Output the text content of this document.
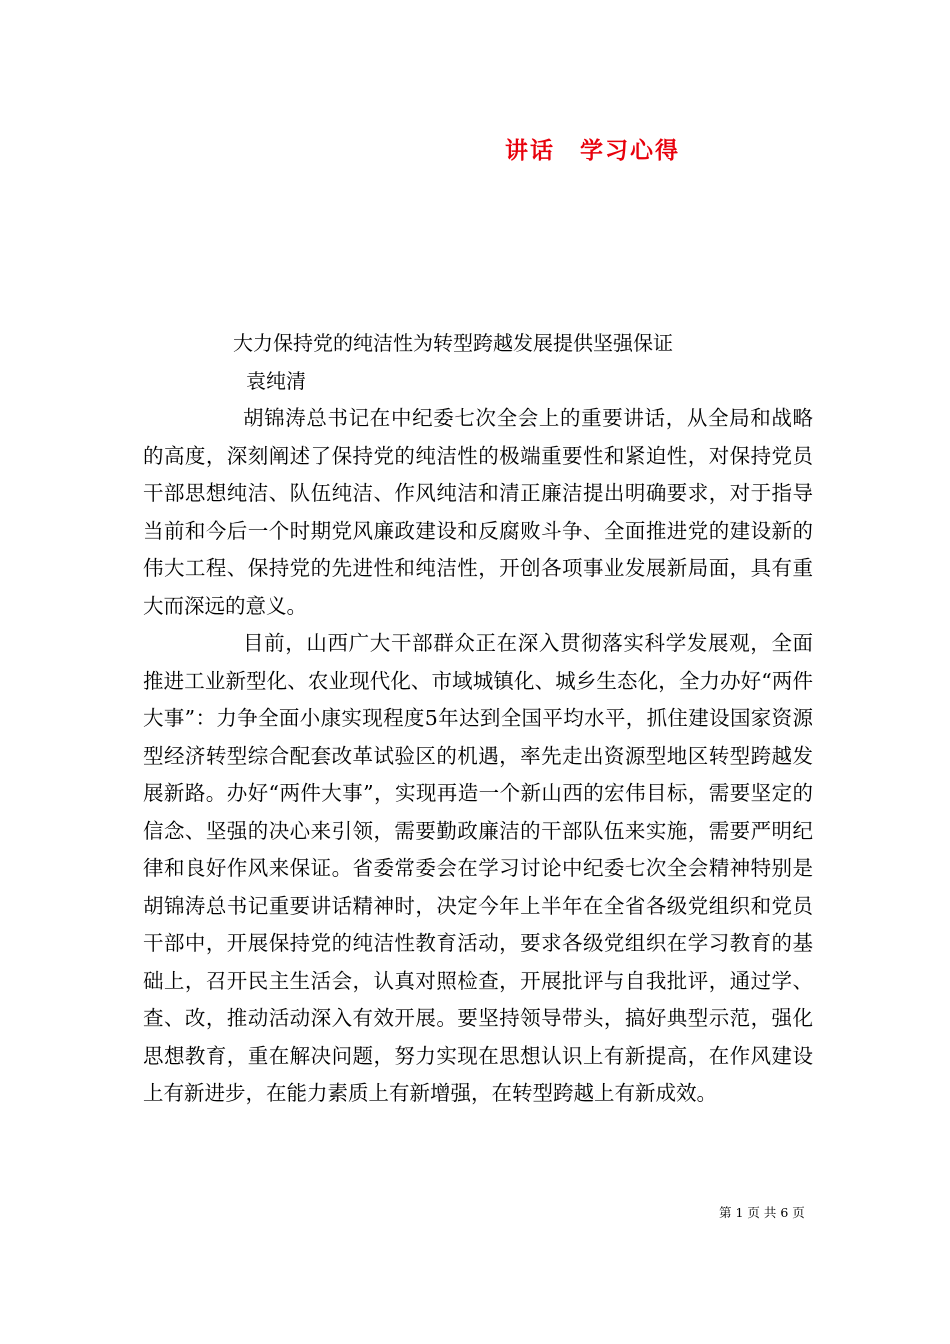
讲话　学习心得
大力保持党的纯洁性为转型跨越发展提供坚强保证
袁纯清

胡锦涛总书记在中纪委七次全会上的重要讲话，从全局和战略的高度，深刻阐述了保持党的纯洁性的极端重要性和紧迫性，对保持党员干部思想纯洁、队伍纯洁、作风纯洁和清正廉洁提出明确要求，对于指导当前和今后一个时期党风廉政建设和反腐败斗争、全面推进党的建设新的伟大工程、保持党的先进性和纯洁性，开创各项事业发展新局面，具有重大而深远的意义。

目前，山西广大干部群众正在深入贯彻落实科学发展观，全面推进工业新型化、农业现代化、市域城镇化、城乡生态化，全力办好“两件大事”：力争全面小康实现程度5年达到全国平均水平，抓住建设国家资源型经济转型综合配套改革试验区的机遇，率先走出资源型地区转型跨越发展新路。办好“两件大事”，实现再造一个新山西的宏伟目标，需要坚定的信念、坚强的决心来引领，需要勤政廉洁的干部队伍来实施，需要严明纪律和良好作风来保证。省委常委会在学习讨论中纪委七次全会精神特别是胡锦涛总书记重要讲话精神时，决定今年上半年在全省各级党组织和党员干部中，开展保持党的纯洁性教育活动，要求各级党组织在学习教育的基础上，召开民主生活会，认真对照检查，开展批评与自我批评，通过学、查、改，推动活动深入有效开展。要坚持领导带头，搞好典型示范，强化思想教育，重在解决问题，努力实现在思想认识上有新提高，在作风建设上有新进步，在能力素质上有新增强，在转型跨越上有新成效。

第 1 页 共 6 页
